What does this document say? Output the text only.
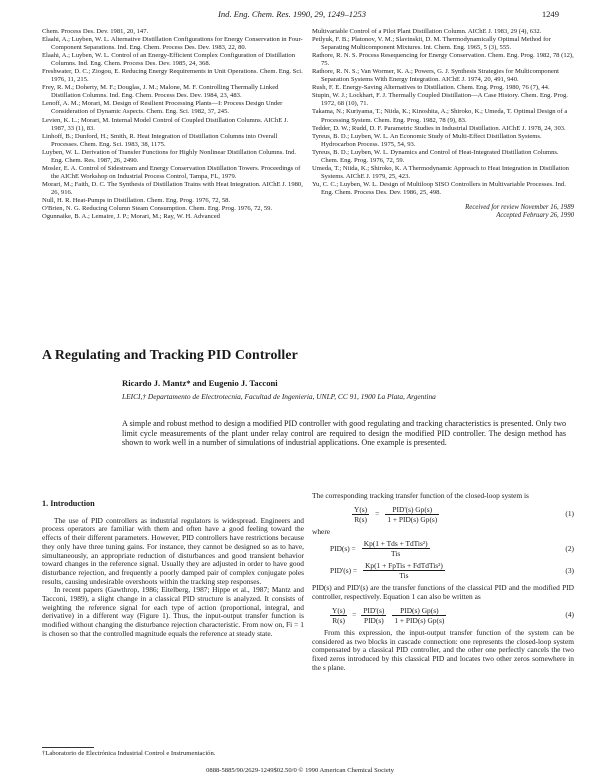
Ind. Eng. Chem. Res. 1990, 29, 1249–1253	1249

Chem. Process Des. Dev. 1981, 20, 147.

Elaahi, A.; Luyben, W. L. Alternative Distillation Configurations for Energy Conservation in Four-Component Separations. Ind. Eng. Chem. Process Des. Dev. 1983, 22, 80.

Elaahi, A.; Luyben, W. L. Control of an Energy-Efficient Complex Configuration of Distillation Columns. Ind. Eng. Chem. Process Des. Dev. 1985, 24, 368.

Freshwater, D. C.; Ziogou, E. Reducing Energy Requirements in Unit Operations. Chem. Eng. Sci. 1976, 11, 215.

Frey, R. M.; Doherty, M. F.; Douglas, J. M.; Malone, M. F. Controlling Thermally Linked Distillation Columns. Ind. Eng. Chem. Process Des. Dev. 1984, 23, 483.

Lenoff, A. M.; Morari, M. Design of Resilient Processing Plants—I: Process Design Under Consideration of Dynamic Aspects. Chem. Eng. Sci. 1982, 37, 245.

Levien, K. L.; Morari, M. Internal Model Control of Coupled Distillation Columns. AIChE J. 1987, 33 (1), 83.

Linhoff, B.; Dunford, H.; Smith, R. Heat Integration of Distillation Columns into Overall Processes. Chem. Eng. Sci. 1983, 38, 1175.

Luyben, W. L. Derivation of Transfer Functions for Highly Nonlinear Distillation Columns. Ind. Eng. Chem. Res. 1987, 26, 2490.

Mosler, E. A. Control of Sidestream and Energy Conservation Distillation Towers. Proceedings of the AIChE Workshop on Industrial Process Control, Tampa, FL, 1979.

Morari, M.; Faith, D. C. The Synthesis of Distillation Trains with Heat Integration. AIChE J. 1980, 26, 916.

Null, H. R. Heat-Pumps in Distillation. Chem. Eng. Prog. 1976, 72, 58.

O'Brien, N. G. Reducing Column Steam Consumption. Chem. Eng. Prog. 1976, 72, 59.

Ogunnaike, B. A.; Lemaire, J. P.; Morari, M.; Ray, W. H. Advanced

Multivariable Control of a Pilot Plant Distillation Column. AIChE J. 1983, 29 (4), 632.

Petlyuk, F. B.; Platonov, V. M.; Slavinskii, D. M. Thermodynamically Optimal Method for Separating Multicomponent Mixtures. Int. Chem. Eng. 1965, 5 (3), 555.

Rathore, R. N. S. Process Resequencing for Energy Conservation. Chem. Eng. Prog. 1982, 78 (12), 75.

Rathore, R. N. S.; Van Wormer, K. A.; Powers, G. J. Synthesis Strategies for Multicomponent Separation Systems With Energy Integration. AIChE J. 1974, 20, 491, 940.

Rush, F. E. Energy-Saving Alternatives to Distillation. Chem. Eng. Prog. 1980, 76 (7), 44.

Stupin, W. J.; Lockhart, F. J. Thermally Coupled Distillation—A Case History. Chem. Eng. Prog. 1972, 68 (10), 71.

Takama, N.; Kuriyama, T.; Niida, K.; Kinoshita, A.; Shiroko, K.; Umeda, T. Optimal Design of a Processing System. Chem. Eng. Prog. 1982, 78 (9), 83.

Tedder, D. W.; Rudd, D. F. Parametric Studies in Industrial Distillation. AIChE J. 1978, 24, 303.

Tyreus, B. D.; Luyben, W. L. An Economic Study of Multi-Effect Distillation Systems. Hydrocarbon Process. 1975, 54, 93.

Tyreus, B. D.; Luyben, W. L. Dynamics and Control of Heat-Integrated Distillation Columns. Chem. Eng. Prog. 1976, 72, 59.

Umeda, T.; Niida, K.; Shiroko, K. A Thermodynamic Approach to Heat Integration in Distillation Systems. AIChE J. 1979, 25, 423.

Yu, C. C.; Luyben, W. L. Design of Multiloop SISO Controllers in Multivariable Processes. Ind. Eng. Chem. Process Des. Dev. 1986, 25, 498.

Received for review November 16, 1989
Accepted February 26, 1990
A Regulating and Tracking PID Controller
Ricardo J. Mantz* and Eugenio J. Tacconi
LEICI,† Departamento de Electrotecnia, Facultad de Ingenieria, UNLP, CC 91, 1900 La Plata, Argentina
A simple and robust method to design a modified PID controller with good regulating and tracking characteristics is presented. Only two limit cycle measurements of the plant under relay control are required to design the modified PID controller. The design method has shown to work well in a number of simulations of industrial applications. One example is presented.
1. Introduction

The use of PID controllers as industrial regulators is widespread. Engineers and process operators are familiar with them and often have a good feeling toward the effects of their different parameters. However, PID controllers have restrictions because they only have three tuning gains. For instance, they cannot be designed so as to have, simultaneously, an appropriate reduction of disturbances and good transient behavior toward changes in the reference signal. Usually they are adjusted in order to have good disturbance rejection, and frequently a poorly damped pair of complex conjugate poles results, causing undesirable overshoots within the tracking step responses.

In recent papers (Gawthrop, 1986; Eitelberg, 1987; Hippe et al., 1987; Mantz and Tacconi, 1989), a slight change in a classical PID structure is analyzed. It consists of weighting the reference signal for each type of action (proportional, integral, and derivative) in a different way (Figure 1). Thus, the input-output transfer function is modified without changing the disturbance rejection characteristic. From now on, Fi = 1 is chosen so that the controlled magnitude equals the reference at steady state.

The corresponding tracking transfer function of the closed-loop system is

$\frac{Y(s)}{R(s)} = \frac{\text{PID'(s) Gp(s)}}{\text{1 + PID(s) Gp(s)}}$	(1)

where

$PID(s) = \frac{\text{Kp(1 + Tds + TdTis²)}}{\text{Tis}}$	(2)
$PID'(s) = \frac{\text{Kp(1 + FpTis + FdTdTis²)}}{\text{Tis}}$	(3)

PID(s) and PID'(s) are the transfer functions of the classical PID and the modified PID controller, respectively. Equation 1 can also be written as

$\frac{Y(s)}{R(s)} = \frac{\text{PID'(s)}}{\text{PID(s)}} \frac{\text{PID(s) Gp(s)}}{\text{1 + PID(s) Gp(s)}}$	(4)

From this expression, the input-output transfer function of the system can be considered as two blocks in cascade connection: one represents the closed-loop system compensated by a classical PID controller, and the other one perfectly cancels the two fixed zeros introduced by this classical PID and locates two other zeros somewhere in the s plane.

†Laboratorio de Electrónica Industrial Control e Instrumentación.
0888-5885/90/2629-1249$02.50/0 © 1990 American Chemical Society
